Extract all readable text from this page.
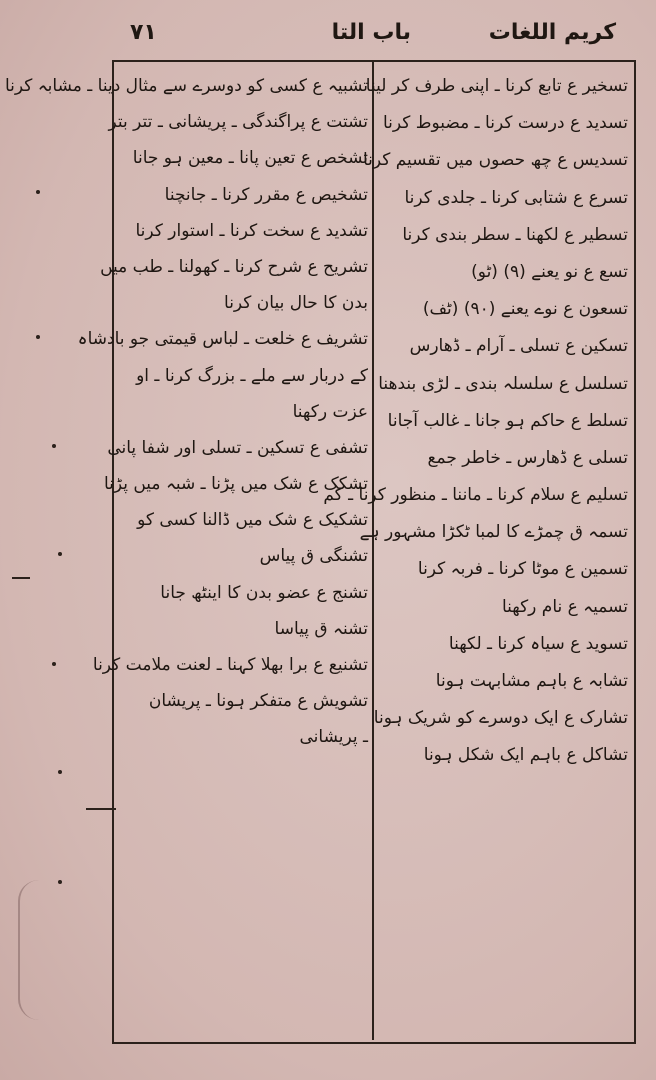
کریم اللغات
باب التا
۷۱
تسخیر ع تابع کرنا ـ اپنی طرف کر لینا
تسدید ع درست کرنا ـ مضبوط کرنا
تسدیس ع چھ حصوں میں تقسیم کرنا
تسرع ع شتابی کرنا ـ جلدی کرنا
تسطیر ع لکھنا ـ سطر بندی کرنا
تسع ع نو یعنے (۹) (ٹو)
تسعون ع نوے یعنے (۹۰) (ٹف)
تسکین ع تسلی ـ آرام ـ ڈھارس
تسلسل ع سلسلہ بندی ـ لڑی بندھنا
تسلط ع حاکم ہو جانا ـ غالب آجانا
تسلی ع ڈھارس ـ خاطر جمع
تسلیم ع سلام کرنا ـ ماننا ـ منظور کرنا ـ کم
تسمہ ق چمڑے کا لمبا ٹکڑا مشہور ہے
تسمین ع موٹا کرنا ـ فربہ کرنا
تسمیہ ع نام رکھنا
تسوید ع سیاہ کرنا ـ لکھنا
تشابہ ع باہم مشابہت ہونا
تشارک ع ایک دوسرے کو شریک ہونا
تشاکل ع باہم ایک شکل ہونا
تشبیہ ع کسی کو دوسرے سے مثال دینا ـ مشابہ کرنا
تشتت ع پراگندگی ـ پریشانی ـ تتر بتر
تشخص ع تعین پانا ـ معین ہو جانا
تشخیص ع مقرر کرنا ـ جانچنا
تشدید ع سخت کرنا ـ استوار کرنا
تشریح ع شرح کرنا ـ کھولنا ـ طب میں
بدن کا حال بیان کرنا
تشریف ع خلعت ـ لباس قیمتی جو بادشاہ
کے دربار سے ملے ـ بزرگ کرنا ـ او
عزت رکھنا
تشفی ع تسکین ـ تسلی اور شفا پانی
تشکک ع شک میں پڑنا ـ شبہ میں پڑنا
تشکیک ع شک میں ڈالنا کسی کو
تشنگی ق پیاس
تشنج ع عضو بدن کا اینٹھ جانا
تشنہ ق پیاسا
تشنیع ع برا بھلا کہنا ـ لعنت ملامت کرنا
تشویش ع متفکر ہونا ـ پریشان
ـ پریشانی
